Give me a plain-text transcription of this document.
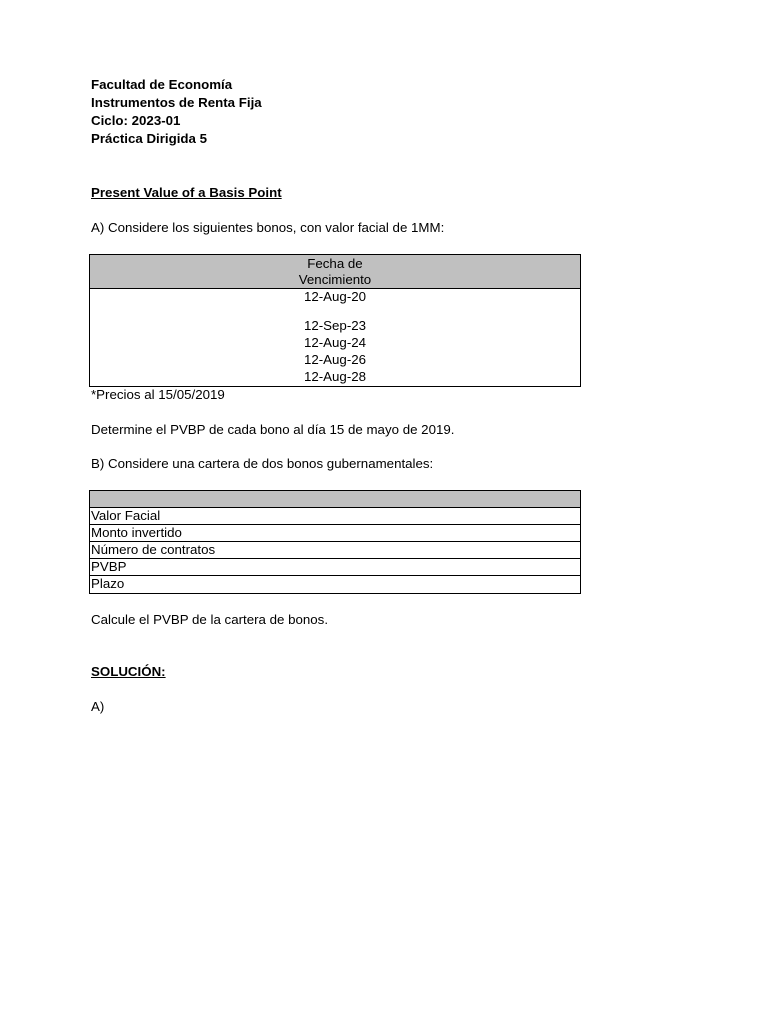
Facultad de Economía
Instrumentos de Renta Fija
Ciclo: 2023-01
Práctica Dirigida 5
Present Value of a Basis Point
A) Considere los siguientes bonos, con valor facial de 1MM:
Fecha de
Vencimiento
12-Aug-20
12-Sep-23
12-Aug-24
12-Aug-26
12-Aug-28
*Precios al 15/05/2019
Determine el PVBP de cada bono al día 15 de mayo de 2019.
B) Considere una cartera de dos bonos gubernamentales:
Valor Facial
Monto invertido
Número de contratos
PVBP
Plazo
Calcule el PVBP de la cartera de bonos.
SOLUCIÓN:
A)
